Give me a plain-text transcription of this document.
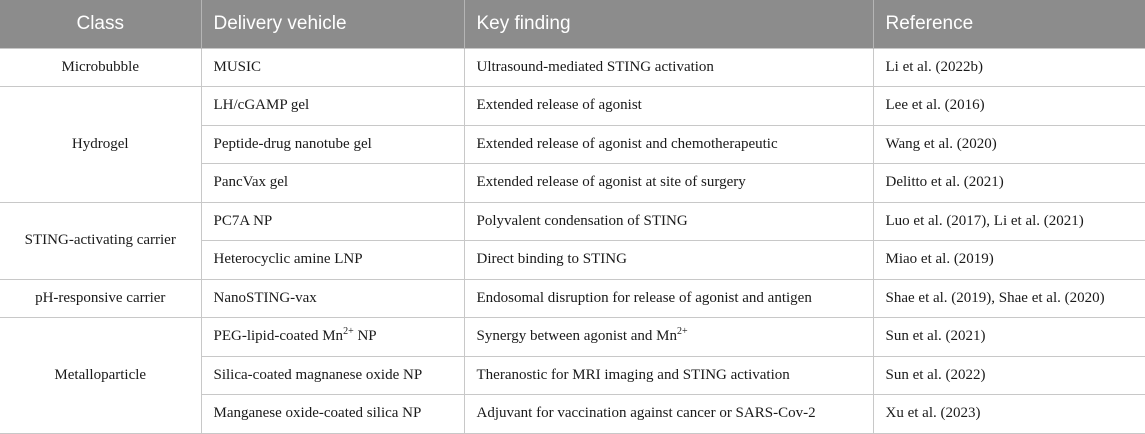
Class	Delivery vehicle	Key finding	Reference
Microbubble	MUSIC	Ultrasound-mediated STING activation	Li et al. (2022b)
Hydrogel	LH/cGAMP gel	Extended release of agonist	Lee et al. (2016)
	Peptide-drug nanotube gel	Extended release of agonist and chemotherapeutic	Wang et al. (2020)
	PancVax gel	Extended release of agonist at site of surgery	Delitto et al. (2021)
STING-activating carrier	PC7A NP	Polyvalent condensation of STING	Luo et al. (2017), Li et al. (2021)
	Heterocyclic amine LNP	Direct binding to STING	Miao et al. (2019)
pH-responsive carrier	NanoSTING-vax	Endosomal disruption for release of agonist and antigen	Shae et al. (2019), Shae et al. (2020)
Metalloparticle	PEG-lipid-coated $Mn^{2+}$ NP	Synergy between agonist and $Mn^{2+}$	Sun et al. (2021)
	Silica-coated magnanese oxide NP	Theranostic for MRI imaging and STING activation	Sun et al. (2022)
	Manganese oxide-coated silica NP	Adjuvant for vaccination against cancer or SARS-Cov-2	Xu et al. (2023)
